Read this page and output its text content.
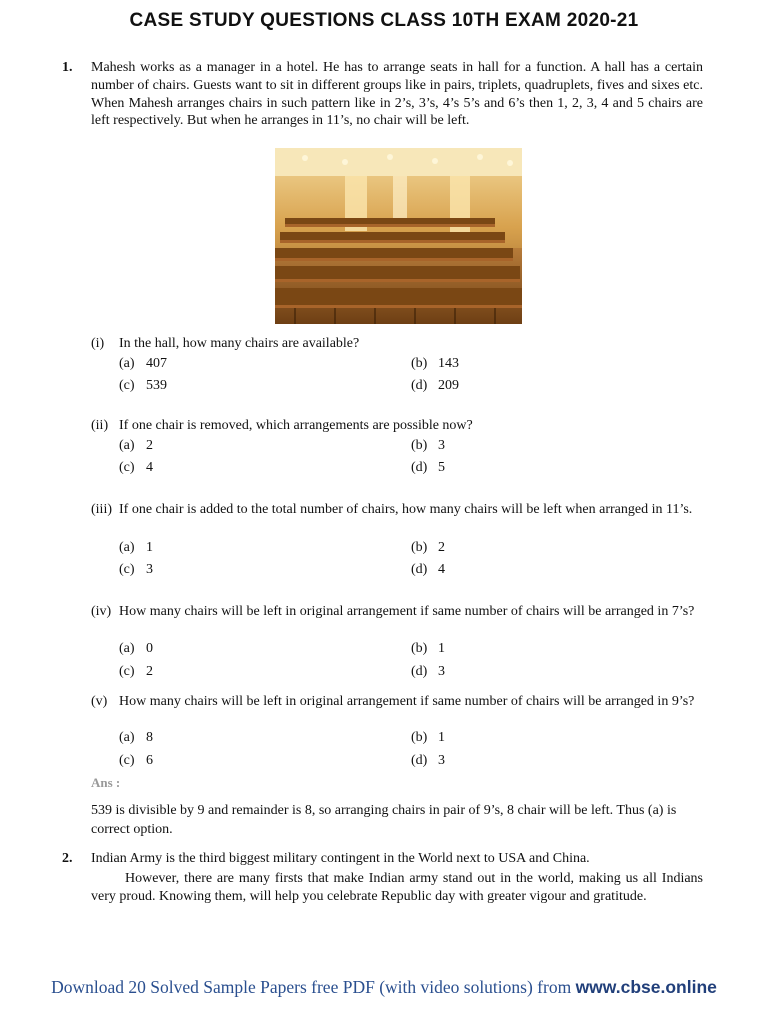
CASE STUDY QUESTIONS CLASS 10TH EXAM 2020-21
1. Mahesh works as a manager in a hotel. He has to arrange seats in hall for a function. A hall has a certain number of chairs. Guests want to sit in different groups like in pairs, triplets, quadruplets, fives and sixes etc. When Mahesh arranges chairs in such pattern like in 2’s, 3’s, 4’s 5’s and 6’s then 1, 2, 3, 4 and 5 chairs are left respectively. But when he arranges in 11’s, no chair will be left.

(i) In the hall, how many chairs are available?
(a) 407	(b) 143
(c) 539	(d) 209
(ii) If one chair is removed, which arrangements are possible now?
(a) 2	(b) 3
(c) 4	(d) 5
(iii) If one chair is added to the total number of chairs, how many chairs will be left when arranged in 11’s.
(a) 1	(b) 2
(c) 3	(d) 4
(iv) How many chairs will be left in original arrangement if same number of chairs will be arranged in 7’s?
(a) 0	(b) 1
(c) 2	(d) 3
(v) How many chairs will be left in original arrangement if same number of chairs will be arranged in 9’s?
(a) 8	(b) 1
(c) 6	(d) 3
Ans :

539 is divisible by 9 and remainder is 8, so arranging chairs in pair of 9’s, 8 chair will be left. Thus (a) is correct option.

2. Indian Army is the third biggest military contingent in the World next to USA and China.

However, there are many firsts that make Indian army stand out in the world, making us all Indians very proud. Knowing them, will help you celebrate Republic day with greater vigour and gratitude.

Download 20 Solved Sample Papers free PDF (with video solutions) from www.cbse.online
